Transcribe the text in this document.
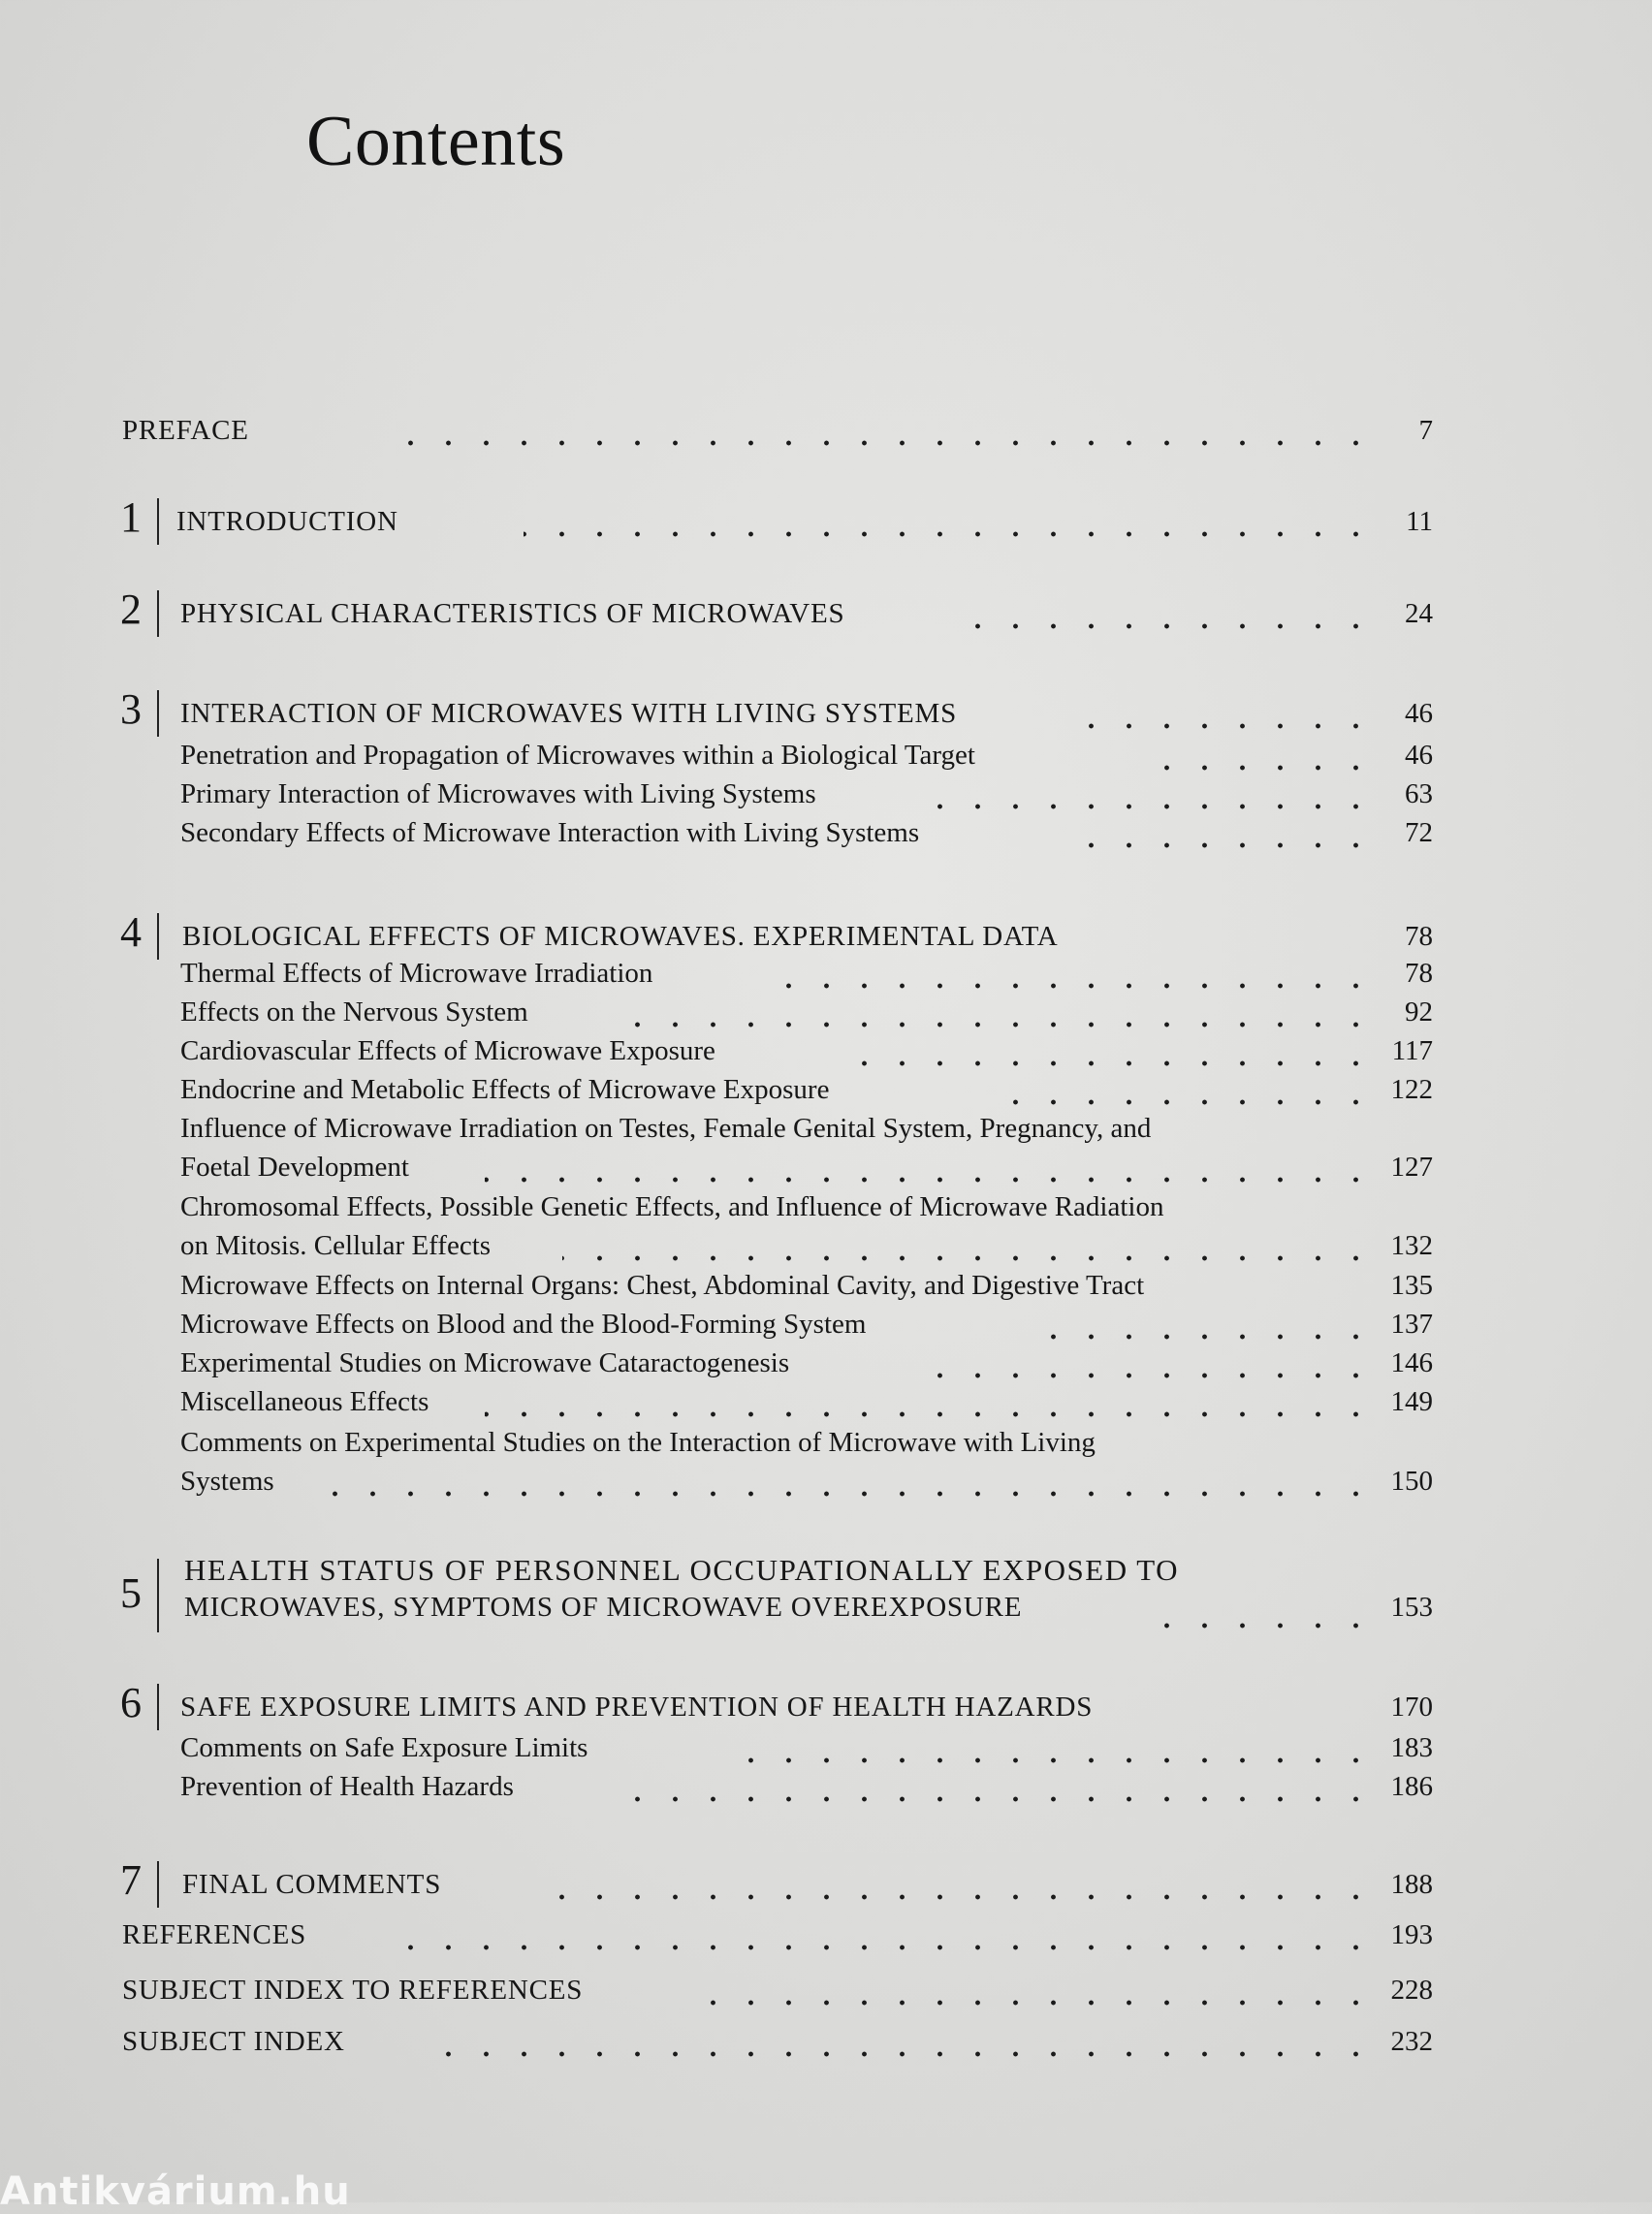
Contents
PREFACE	7
1 INTRODUCTION	11
2 PHYSICAL CHARACTERISTICS OF MICROWAVES	24
3 INTERACTION OF MICROWAVES WITH LIVING SYSTEMS	46
Penetration and Propagation of Microwaves within a Biological Target	46
Primary Interaction of Microwaves with Living Systems	63
Secondary Effects of Microwave Interaction with Living Systems	72
4 BIOLOGICAL EFFECTS OF MICROWAVES. EXPERIMENTAL DATA	78
Thermal Effects of Microwave Irradiation	78
Effects on the Nervous System	92
Cardiovascular Effects of Microwave Exposure	117
Endocrine and Metabolic Effects of Microwave Exposure	122
Influence of Microwave Irradiation on Testes, Female Genital System, Pregnancy, and
Foetal Development	127
Chromosomal Effects, Possible Genetic Effects, and Influence of Microwave Radiation
on Mitosis. Cellular Effects	132
Microwave Effects on Internal Organs: Chest, Abdominal Cavity, and Digestive Tract	135
Microwave Effects on Blood and the Blood-Forming System	137
Experimental Studies on Microwave Cataractogenesis	146
Miscellaneous Effects	149
Comments on Experimental Studies on the Interaction of Microwave with Living
Systems	150
5 HEALTH STATUS OF PERSONNEL OCCUPATIONALLY EXPOSED TO
MICROWAVES, SYMPTOMS OF MICROWAVE OVEREXPOSURE	153
6 SAFE EXPOSURE LIMITS AND PREVENTION OF HEALTH HAZARDS	170
Comments on Safe Exposure Limits	183
Prevention of Health Hazards	186
7 FINAL COMMENTS	188
REFERENCES	193
SUBJECT INDEX TO REFERENCES	228
SUBJECT INDEX	232
Antikvárium.hu
